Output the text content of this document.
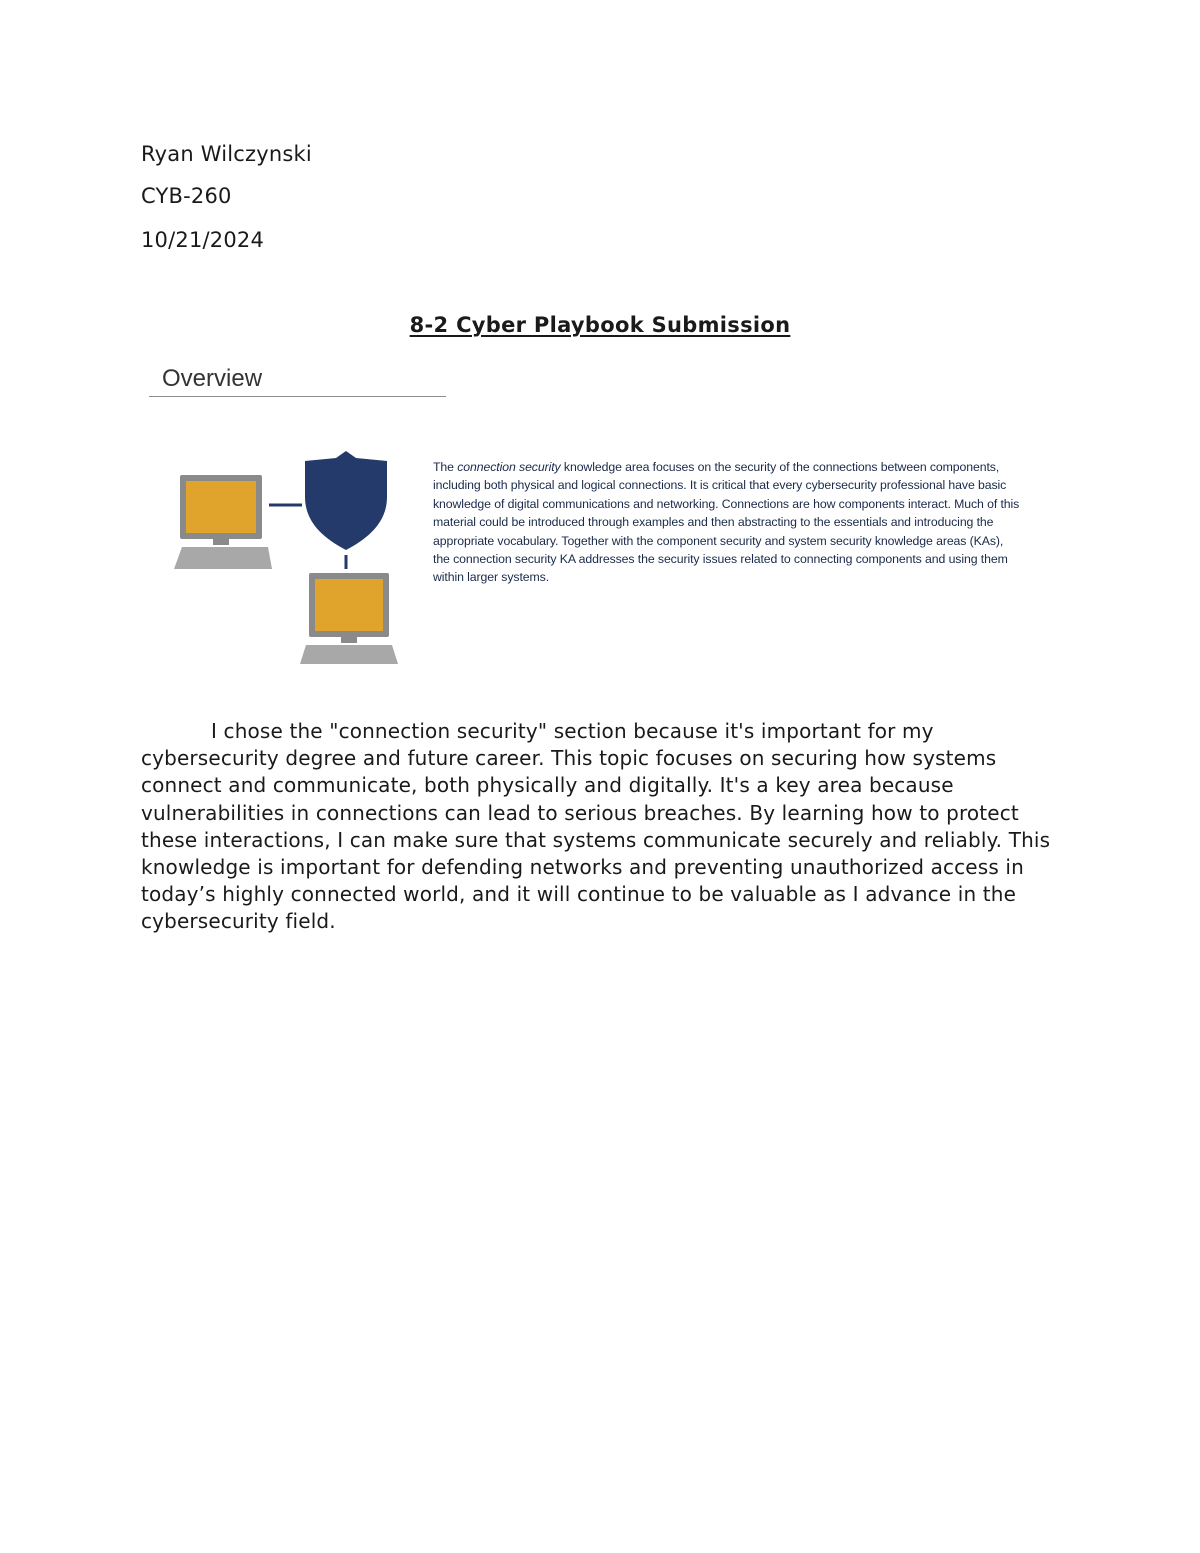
Ryan Wilczynski
CYB-260
10/21/2024
8-2 Cyber Playbook Submission
Overview
The connection security knowledge area focuses on the security of the connections between components, including both physical and logical connections. It is critical that every cybersecurity professional have basic knowledge of digital communications and networking. Connections are how components interact. Much of this material could be introduced through examples and then abstracting to the essentials and introducing the appropriate vocabulary. Together with the component security and system security knowledge areas (KAs), the connection security KA addresses the security issues related to connecting components and using them within larger systems.

I chose the "connection security" section because it's important for my cybersecurity degree and future career. This topic focuses on securing how systems connect and communicate, both physically and digitally. It's a key area because vulnerabilities in connections can lead to serious breaches. By learning how to protect these interactions, I can make sure that systems communicate securely and reliably. This knowledge is important for defending networks and preventing unauthorized access in today’s highly connected world, and it will continue to be valuable as I advance in the cybersecurity field.
